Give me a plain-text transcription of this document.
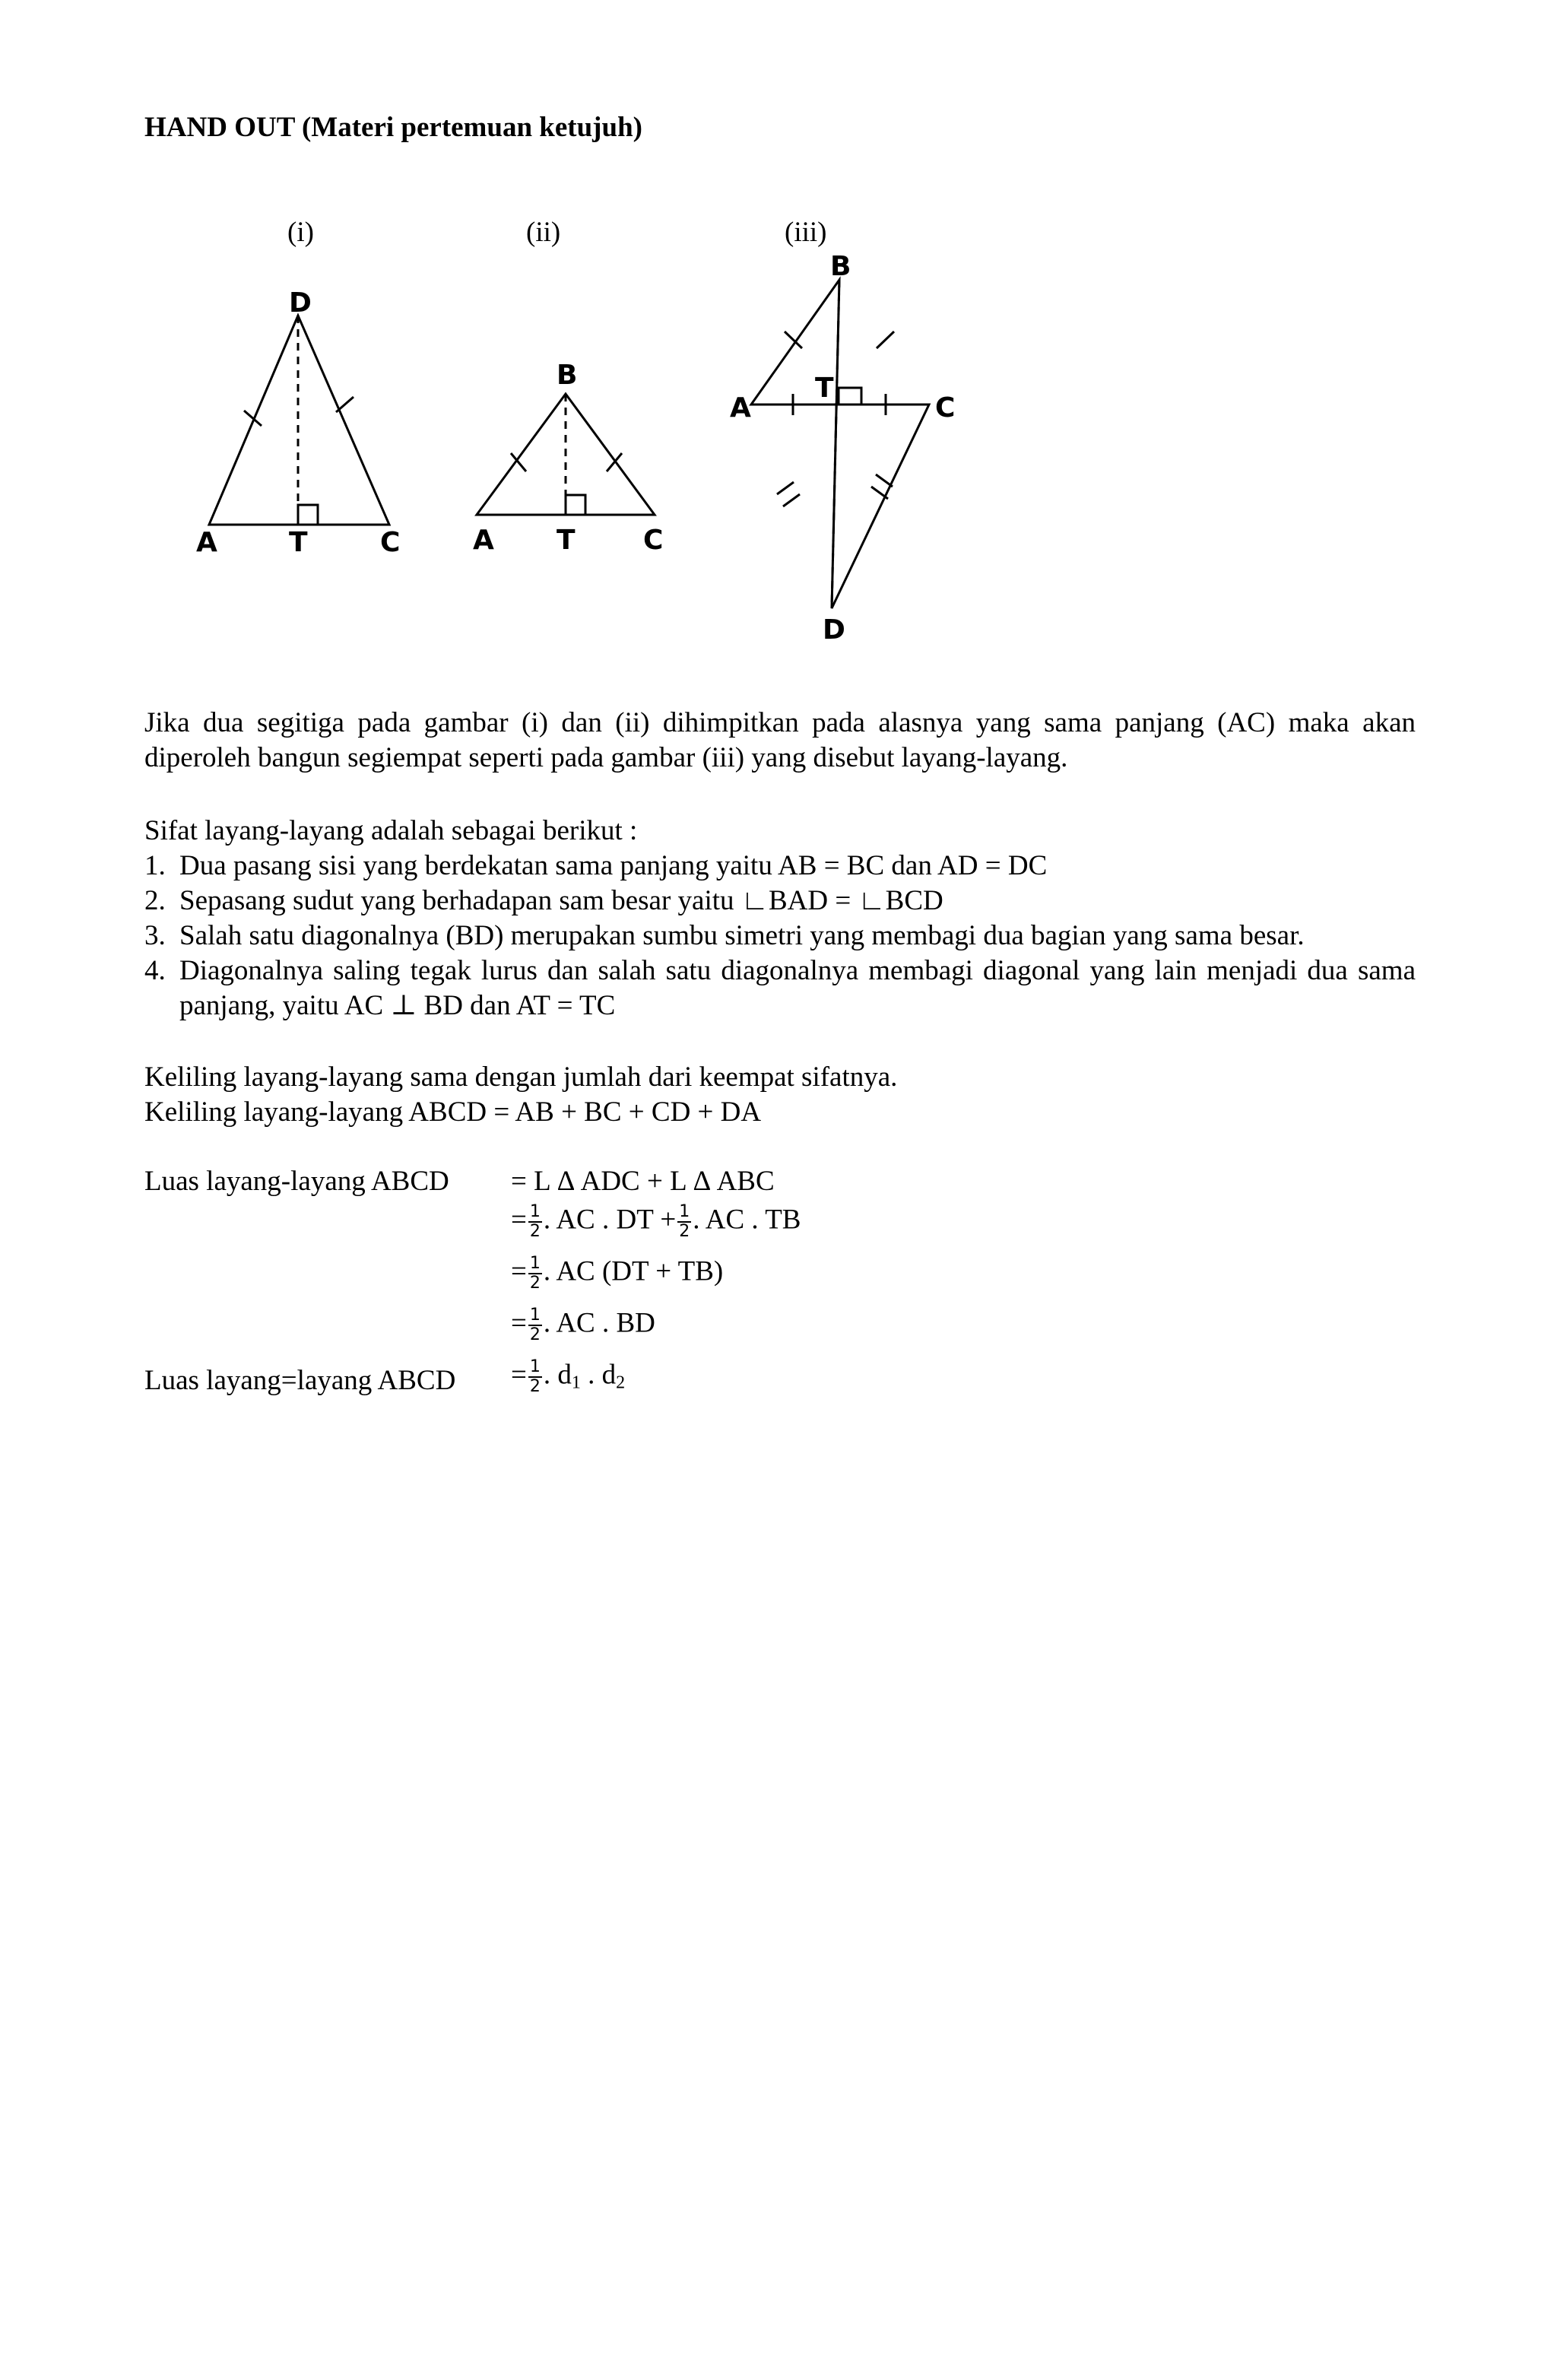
HAND OUT (Materi pertemuan ketujuh)
(i)	(ii)	(iii)
D
A	T	C
B
A T C
B
A
T
C
D
Jika dua segitiga pada gambar (i) dan (ii) dihimpitkan pada alasnya yang sama panjang (AC) maka akan diperoleh bangun segiempat seperti pada gambar (iii) yang disebut layang-layang.
Sifat layang-layang adalah sebagai berikut :
1. Dua pasang sisi yang berdekatan sama panjang yaitu AB = BC dan AD = DC
2. Sepasang sudut yang berhadapan sam besar yaitu ∟BAD = ∟BCD
3. Salah satu diagonalnya (BD) merupakan sumbu simetri yang membagi dua bagian yang sama besar.
4. Diagonalnya saling tegak lurus dan salah satu diagonalnya membagi diagonal yang lain menjadi dua sama panjang, yaitu AC ⊥ BD dan AT = TC
Keliling layang-layang sama dengan jumlah dari keempat sifatnya.
Keliling layang-layang ABCD = AB + BC + CD + DA
Luas layang-layang ABCD = L Δ ADC + L Δ ABC
= $\frac{1}{2}$ . AC . DT + $\frac{1}{2}$ . AC . TB
= $\frac{1}{2}$ . AC (DT + TB)
= $\frac{1}{2}$ . AC . BD
Luas layang=layang ABCD = $\frac{1}{2}$ . $d_1$ . $d_2$
